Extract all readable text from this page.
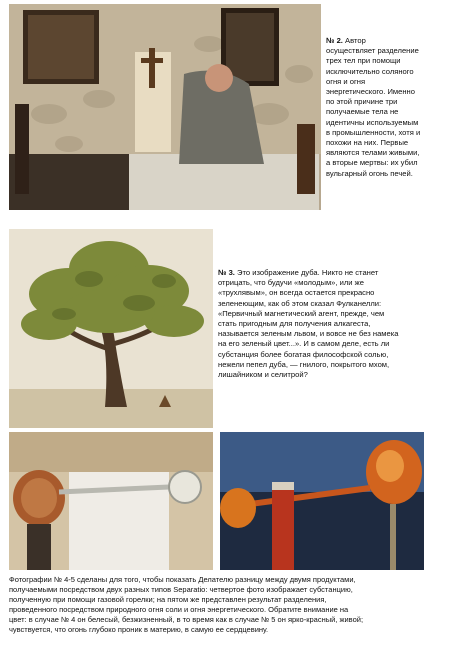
№ 2. Автор
осуществляет разделение
трех тел при помощи
исключительно соляного
огня и огня
энергетического. Именно
по этой причине три
получаемые тела не
идентичны используемым
в промышленности, хотя и
похожи на них. Первые
являются телами живыми,
а вторые мертвы: их убил
вульгарный огонь печей.
№ 3. Это изображение дуба. Никто не станет
отрицать, что будучи «молодым», или же
«трухлявым», он всегда остается прекрасно
зеленеющим, как об этом сказал Фулканелли:
«Первичный магнетический агент, прежде, чем
стать пригодным для получения алкагеста,
называется зеленым львом, и вовсе не без намека
на его зеленый цвет...». И в самом деле, есть ли
субстанция более богатая философской солью,
нежели пепел дуба, — гнилого, покрытого мхом,
лишайником и селитрой?
Фотографии № 4-5 сделаны для того, чтобы показать Делателю разницу между двумя продуктами,
получаемыми посредством двух разных типов Separatio: четвертое фото изображает субстанцию,
полученную при помощи газовой горелки; на пятом же представлен результат разделения,
проведенного посредством природного огня соли и огня энергетического. Обратите внимание на
цвет: в случае № 4 он белесый, безжизненный, в то время как в случае № 5 он ярко-красный, живой;
чувствуется, что огонь глубоко проник в материю, в самую ее сердцевину.
